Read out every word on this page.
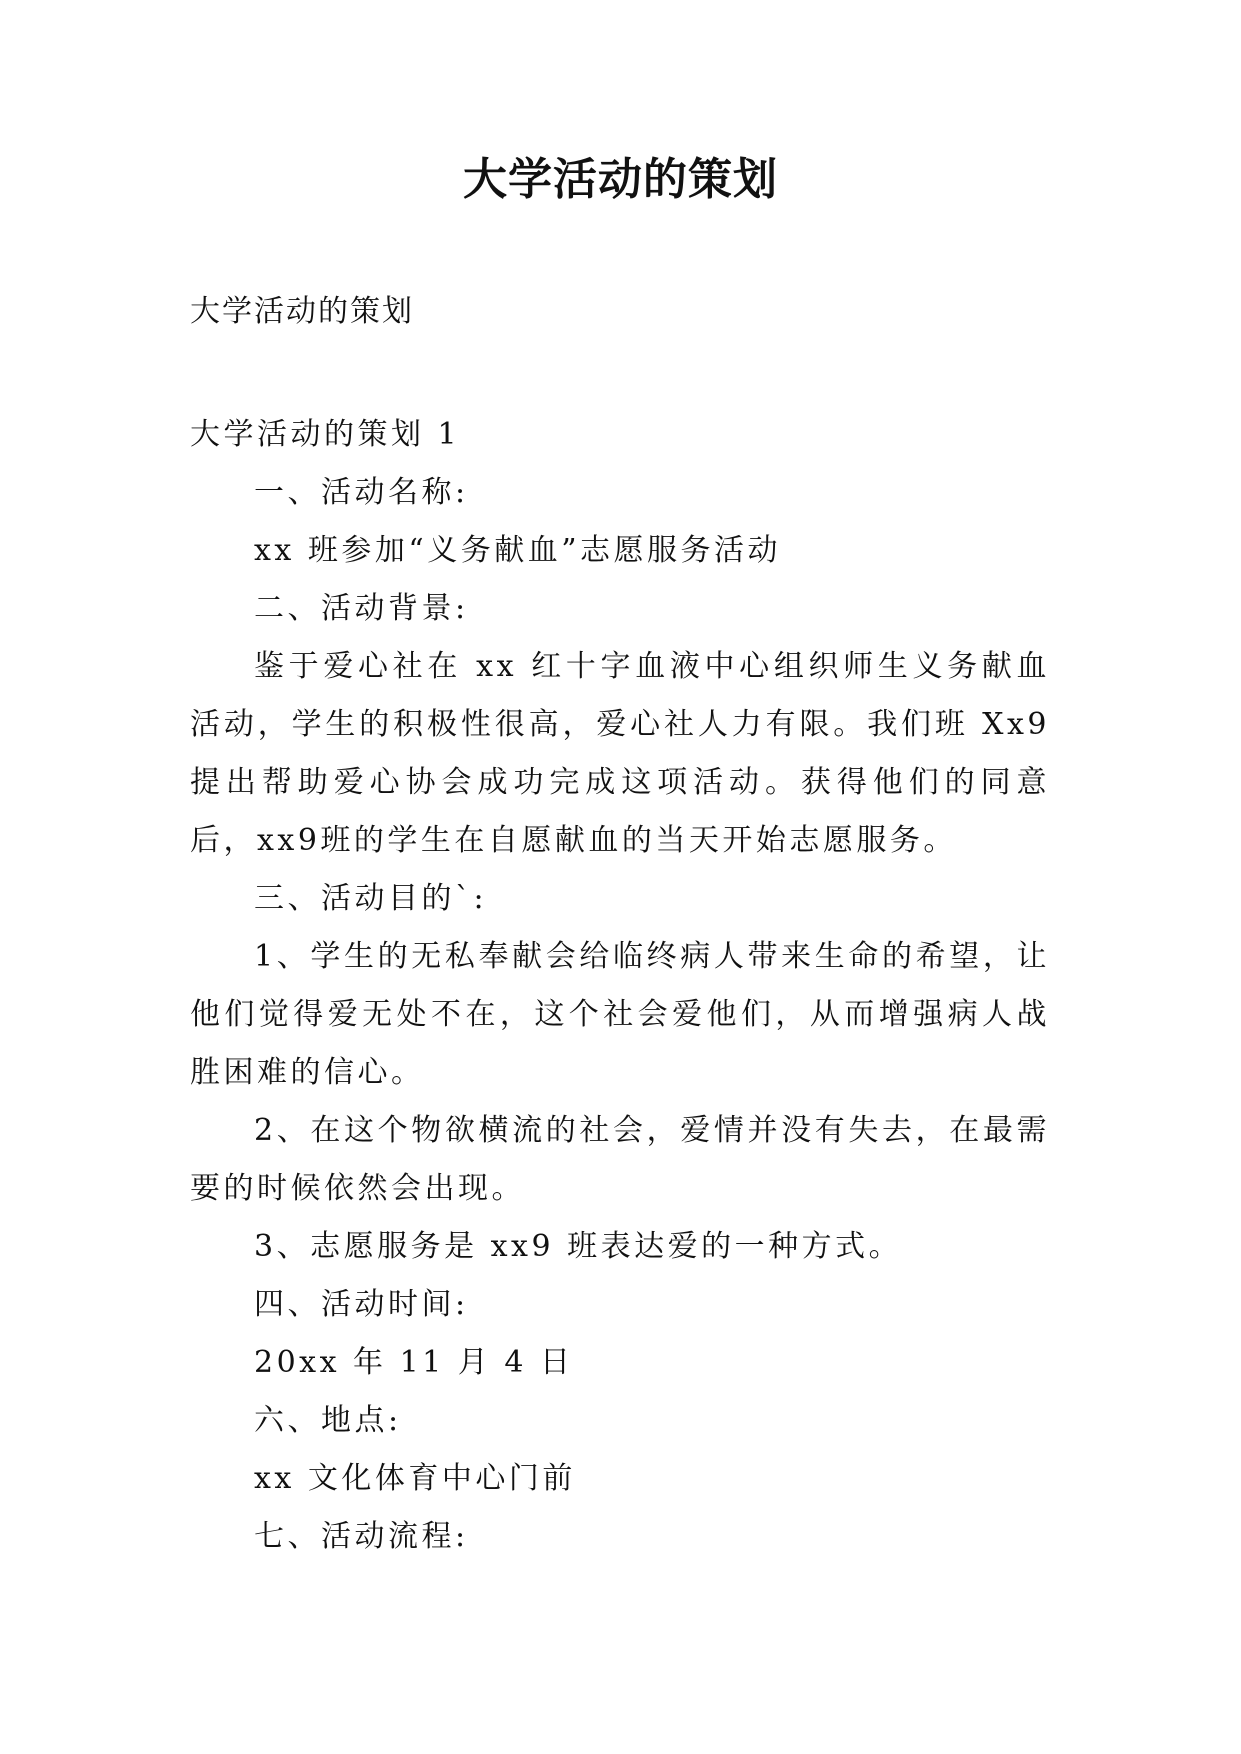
大学活动的策划
大学活动的策划

大学活动的策划 1

一、活动名称:

xx 班参加“义务献血”志愿服务活动

二、活动背景:

鉴于爱心社在 xx 红十字血液中心组织师生义务献血活动，学生的积极性很高，爱心社人力有限。我们班 Xx9 提出帮助爱心协会成功完成这项活动。获得他们的同意后，xx9班的学生在自愿献血的当天开始志愿服务。

三、活动目的`:

1、学生的无私奉献会给临终病人带来生命的希望，让他们觉得爱无处不在，这个社会爱他们，从而增强病人战胜困难的信心。

2、在这个物欲横流的社会，爱情并没有失去，在最需要的时候依然会出现。

3、志愿服务是 xx9 班表达爱的一种方式。

四、活动时间:

20xx 年 11 月 4 日

六、地点:

xx 文化体育中心门前

七、活动流程:
